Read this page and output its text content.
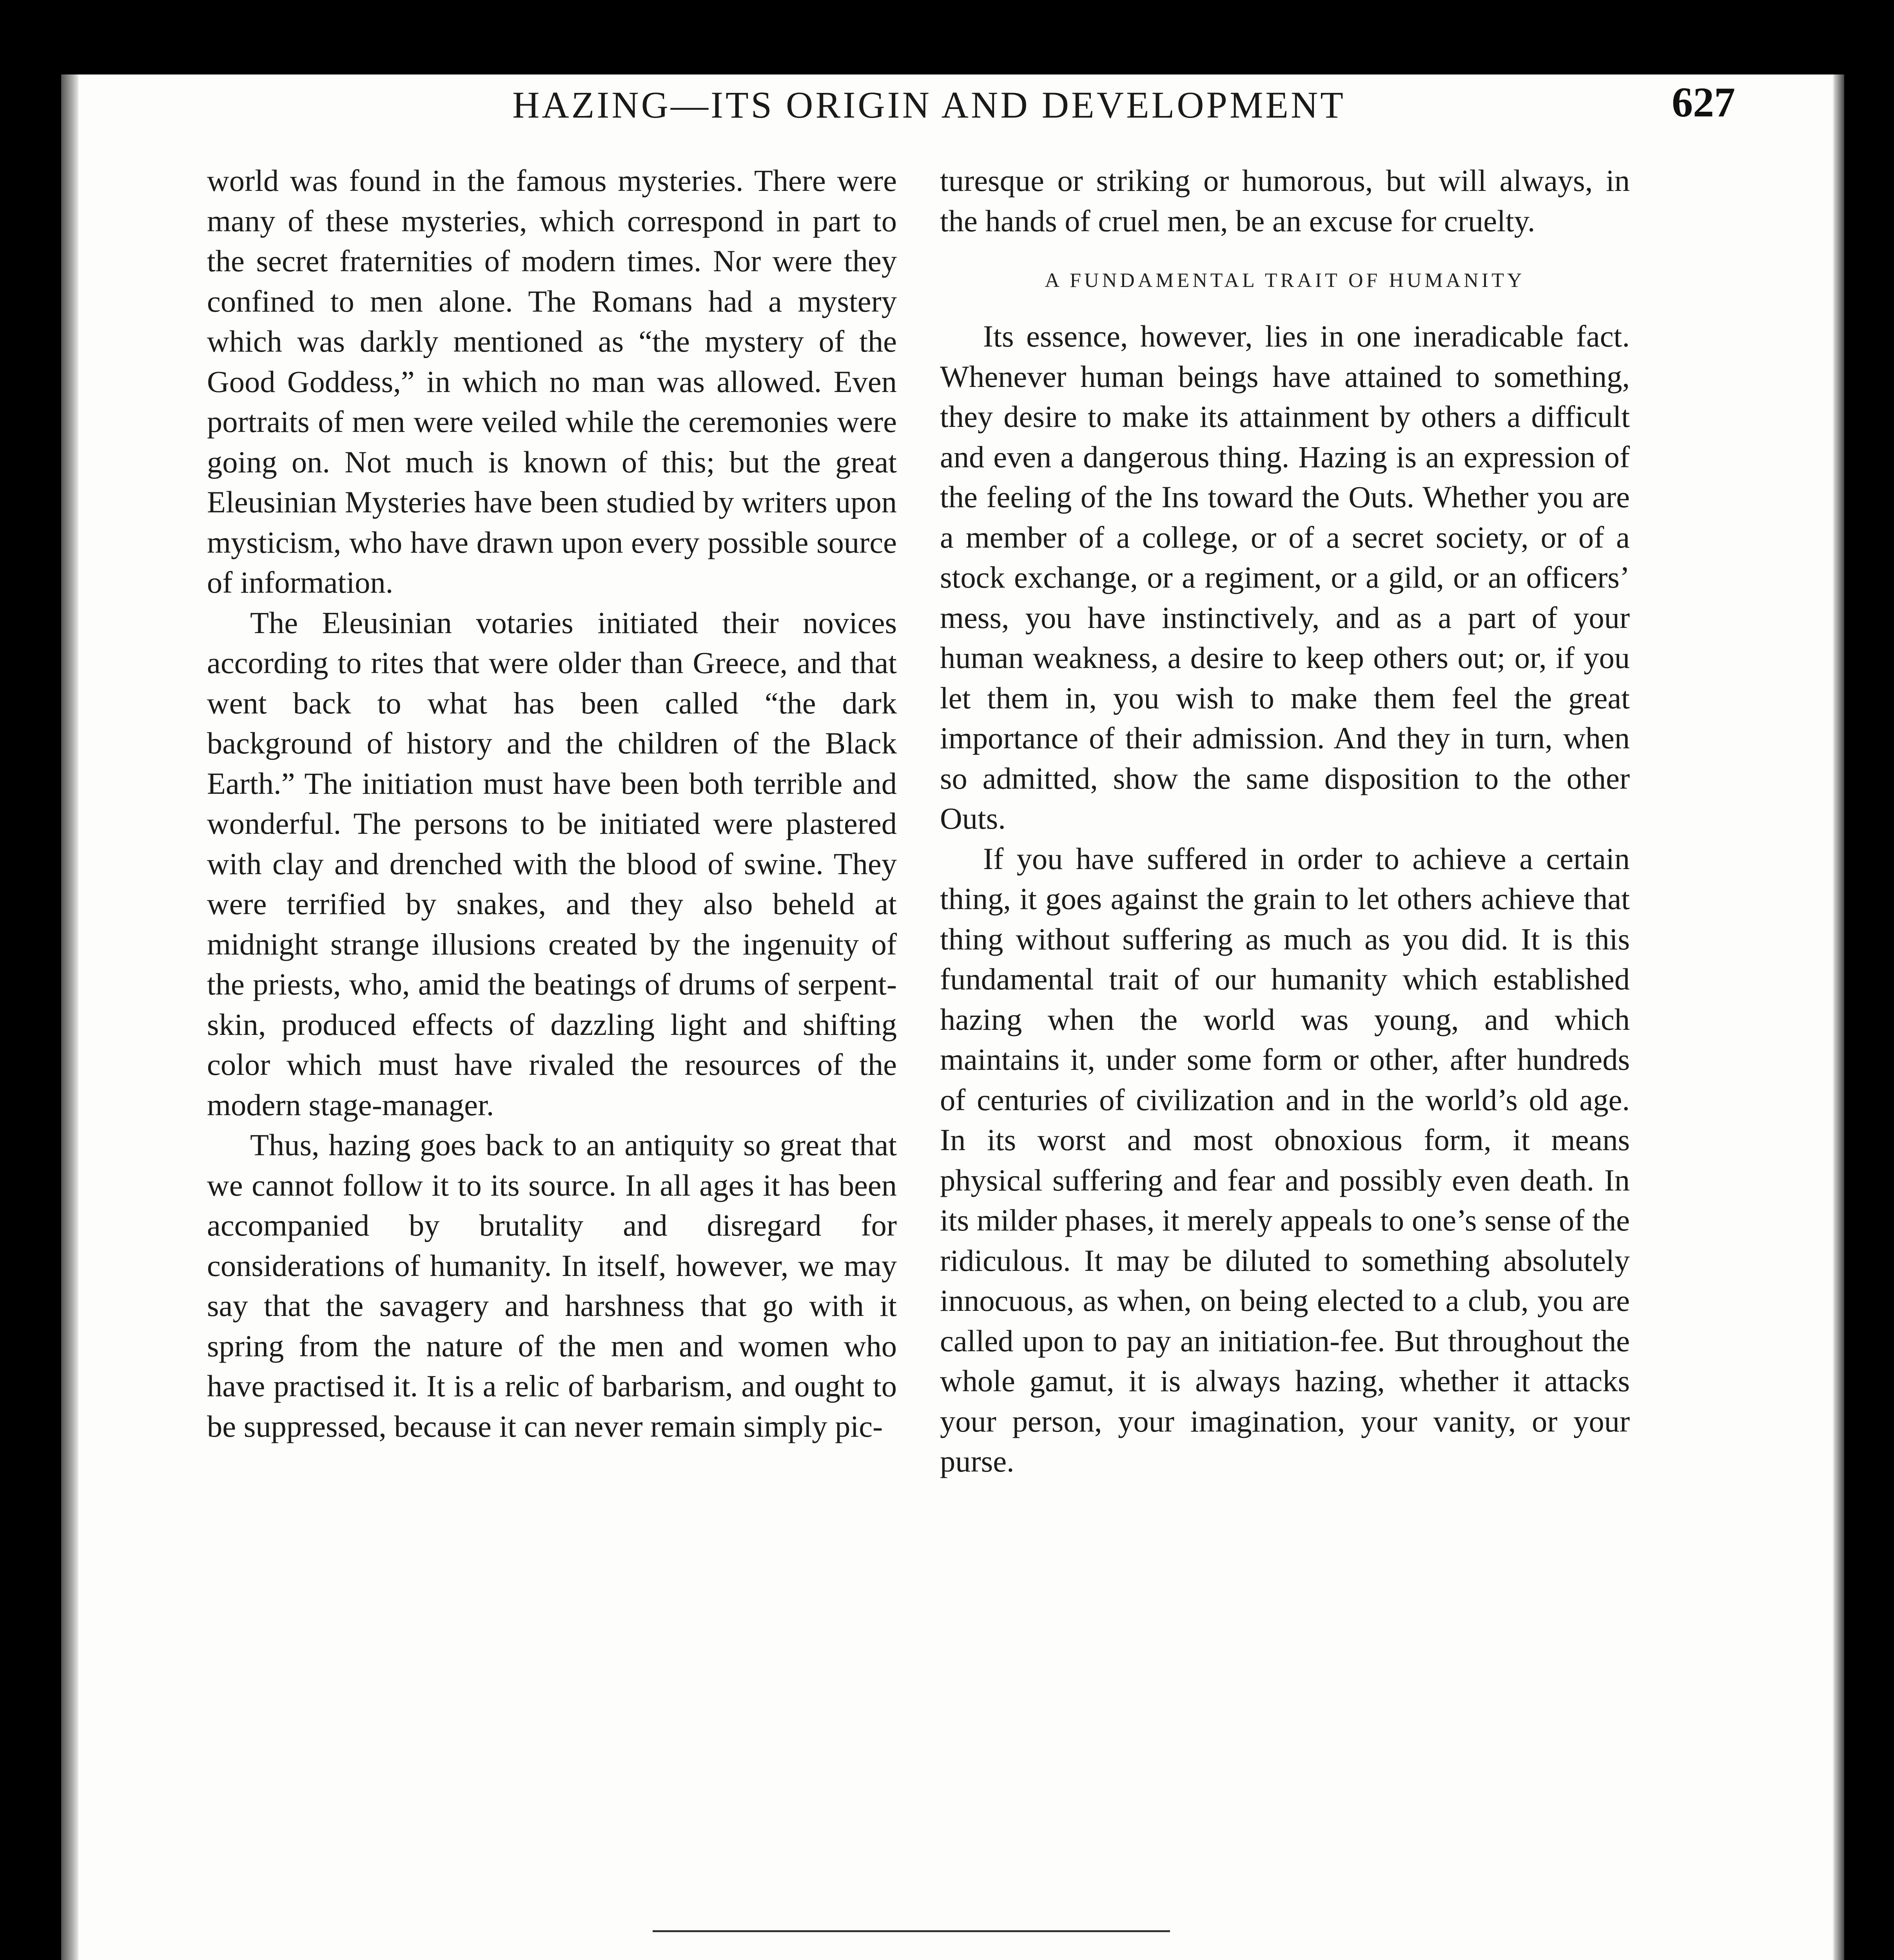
HAZING—ITS ORIGIN AND DEVELOPMENT	627

world was found in the famous mysteries. There were many of these mysteries, which correspond in part to the secret fraternities of modern times. Nor were they confined to men alone. The Romans had a mystery which was darkly mentioned as “the mystery of the Good Goddess,” in which no man was allowed. Even portraits of men were veiled while the ceremonies were going on. Not much is known of this; but the great Eleusinian Mysteries have been studied by writers upon mysticism, who have drawn upon every possible source of information.

The Eleusinian votaries initiated their novices according to rites that were older than Greece, and that went back to what has been called “the dark background of history and the children of the Black Earth.” The initiation must have been both terrible and wonderful. The persons to be initiated were plastered with clay and drenched with the blood of swine. They were terrified by snakes, and they also beheld at midnight strange illusions created by the ingenuity of the priests, who, amid the beatings of drums of serpent-skin, produced effects of dazzling light and shifting color which must have rivaled the resources of the modern stage-manager.

Thus, hazing goes back to an antiquity so great that we cannot follow it to its source. In all ages it has been accompanied by brutality and disregard for considerations of humanity. In itself, however, we may say that the savagery and harshness that go with it spring from the nature of the men and women who have practised it. It is a relic of barbarism, and ought to be suppressed, because it can never remain simply pic-

turesque or striking or humorous, but will always, in the hands of cruel men, be an excuse for cruelty.

A FUNDAMENTAL TRAIT OF HUMANITY

Its essence, however, lies in one ineradicable fact. Whenever human beings have attained to something, they desire to make its attainment by others a difficult and even a dangerous thing. Hazing is an expression of the feeling of the Ins toward the Outs. Whether you are a member of a college, or of a secret society, or of a stock exchange, or a regiment, or a gild, or an officers’ mess, you have instinctively, and as a part of your human weakness, a desire to keep others out; or, if you let them in, you wish to make them feel the great importance of their admission. And they in turn, when so admitted, show the same disposition to the other Outs.

If you have suffered in order to achieve a certain thing, it goes against the grain to let others achieve that thing without suffering as much as you did. It is this fundamental trait of our humanity which established hazing when the world was young, and which maintains it, under some form or other, after hundreds of centuries of civilization and in the world’s old age. In its worst and most obnoxious form, it means physical suffering and fear and possibly even death. In its milder phases, it merely appeals to one’s sense of the ridiculous. It may be diluted to something absolutely innocuous, as when, on being elected to a club, you are called upon to pay an initiation-fee. But throughout the whole gamut, it is always hazing, whether it attacks your person, your imagination, your vanity, or your purse.
